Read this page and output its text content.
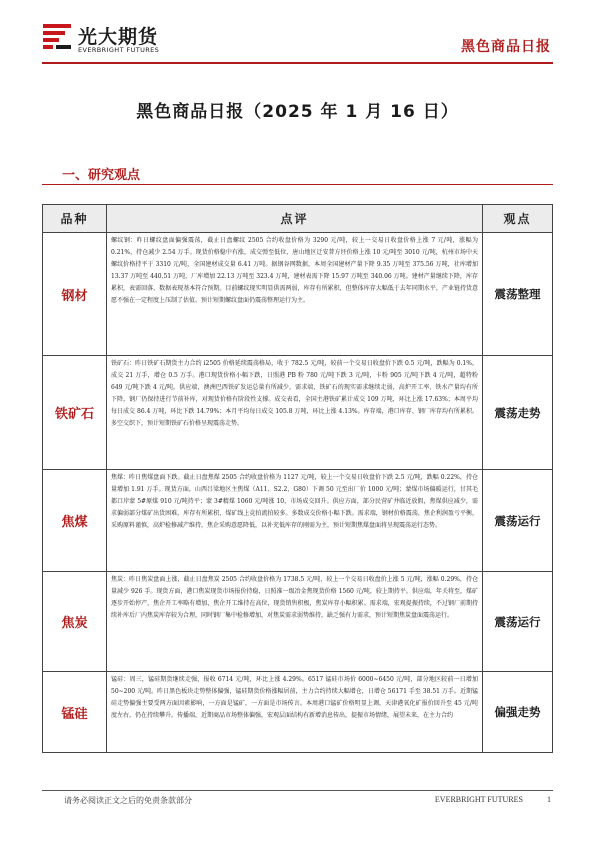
光大期货
EVERBRIGHT FUTURES	黑色商品日报
黑色商品日报（2025 年 1 月 16 日）
一、研究观点
品种	点评	观点
钢材	螺纹钢：昨日螺纹盘面偏强震荡，截止日盘螺纹 2505 合约收盘价格为 3290 元/吨，较上一交易日收盘价格上涨 7 元/吨，涨幅为 0.21%，持仓减少 2.54 万手。现货价格稳中有涨，成交弹至低位，唐山地区迁安普方坯价格上涨 10 元/吨至 3010 元/吨，杭州市场中天螺纹价格持平于 3310 元/吨，全国建材成交量 6.41 万吨。据钢谷网数据，本周全国建材产量下降 9.35 万吨至 375.56 万吨，社库增加 13.37 万吨至 440.51 万吨，厂库增加 22.13 万吨至 323.4 万吨，建材表需下降 15.97 万吨至 340.06 万吨。建材产量继续下降，库存累积，表需回落，数据表现基本符合预期。目前螺纹现实明显供需两弱，库存有所累积，但整体库存大幅低于去年同期水平，产业链持货意愿不强在一定程度上压制了估值。预计短期螺纹盘面仍震荡整理运行为主。	震荡整理
铁矿石	铁矿石：昨日铁矿石期货主力合约 i2505 价格延续震荡格局，收于 782.5 元/吨，较前一个交易日收盘价下跌 0.5 元/吨，跌幅为 0.1%，成交 21 万手，增仓 0.5 万手。港口现货价格小幅下跌，日照港 PB 粉 780 元/吨下跌 3 元/吨，卡粉 905 元/吨下跌 4 元/吨，超特粉 649 元/吨下跌 4 元/吨。供应端，澳洲巴西铁矿发运总量有所减少，需求端，铁矿石的现实需求继续走弱，高炉开工率、铁水产量均有所下降，钢厂仍保持进行节前补库，对现货价格有阶段性支撑。成交表看，全国主港铁矿累计成交 109 万吨，环比上涨 17.63%；本周平均每日成交 86.4 万吨，环比下跌 14.79%；本月平均每日成交 105.8 万吨，环比上涨 4.13%。库存端，港口库存、钢厂库存均有所累积。多空交织下，预计短期铁矿石价格呈现震荡走势。	震荡走势
焦煤	焦煤：昨日焦煤盘面下跌。截止日盘焦煤 2505 合约收盘价格为 1127 元/吨，较上一个交易日收盘价下跌 2.5 元/吨，跌幅 0.22%，持仓量增加 1.91 万手。现货方面，山西吕梁地区主焦煤（A11、S2.2、G80）下调 50 元至出厂价 1000 元/吨；蒙煤市场偏暖运行，甘其毛都口岸蒙 5#原煤 910 元/吨持平；蒙 3#精煤 1060 元/吨涨 10，市场成交回升。供应方面，部分民营矿井临近放假，焦煤供应减少，需求偏弱部分煤矿出货困难，库存有所累积，煤矿线上竞拍流拍较多。多数成交价格小幅下跌。需求端，钢材价格震荡，焦企利润盈亏平衡，采购原料谨慎，高炉检修减产维持，焦企采购意愿降低，以补充低库存的刚需为主，预计短期焦煤盘面将呈现震荡运行态势。	震荡运行
焦炭	焦炭：昨日焦炭盘面上涨，截止日盘焦炭 2505 合约收盘价格为 1738.5 元/吨，较上一个交易日收盘价上涨 5 元/吨，涨幅 0.29%，持仓量减少 926 手。现货方面，港口焦炭现货市场报价持稳，日照准一级冶金焦现货价格 1560 元/吨，较上期持平。供应端，年关将至，煤矿逐步开始停产，焦企开工率略有增加，焦企开工维持在高位，现货销售积极，焦炭库存小幅积累。需求端，宏观提振持续，不过钢厂前期持续补库后厂内焦炭库存较为合理，同时钢厂集中检修增加，对焦炭需求弱势维持，缺乏强有力需求，预计短期焦炭盘面震荡运行。	震荡运行
锰硅	锰硅：周三，锰硅期货继续走强，报收 6714 元/吨，环比上涨 4.29%。6517 锰硅市场价 6000~6450 元/吨，部分地区较前一日增加 50~200 元/吨。昨日黑色板块走势整体偏强，锰硅期货价格涨幅居前，主力合约持续大幅增仓，日增仓 56171 手至 38.51 万手。近期锰硅走势偏强主要受两方面因素影响，一方面是锰矿，一方面是市场传言。本周港口锰矿价格明显上调，天津港氧化矿报价回升至 45 元/吨度左右，仍在持续攀升。传播端，近期商品市场整体偏强，宏观层面结构有新增消息传出，提振市场情绪，展望未来，在主力合约	偏强走势
请务必阅读正文之后的免责条款部分	EVERBRIGHT FUTURES	1
